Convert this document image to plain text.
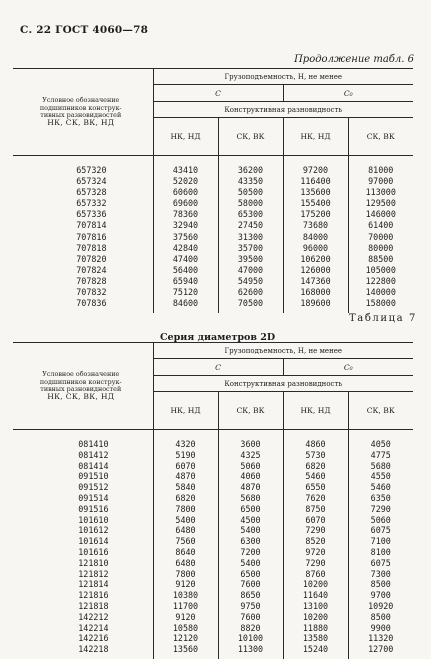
С. 22 ГОСТ 4060—78
Продолжение табл. 6
Условное обозначение
подшипников конструк-
тивных разновидностей
НК, СК, ВК, НД	Грузоподъемность, Н, не менее			
	С		С₀	
	Конструктивная разновидность			
	НК, НД	СК, ВК	НК, НД	СК, ВК
657320	43410	36200	97200	81000
657324	52020	43350	116400	97000
657328	60600	50500	135600	113000
657332	69600	58000	155400	129500
657336	78360	65300	175200	146000
707814	32940	27450	73680	61400
707816	37560	31300	84000	70000
707818	42840	35700	96000	80000
707820	47400	39500	106200	88500
707824	56400	47000	126000	105000
707828	65940	54950	147360	122800
707832	75120	62600	168000	140000
707836	84600	70500	189600	158000
Таблица 7
Серия диаметров 2D
Условное обозначение
подшипников конструк-
тивных разновидностей
НК, СК, ВК, НД	Грузоподъемность, Н, не менее			
	С		С₀	
	Конструктивная разновидность			
	НК, НД	СК, ВК	НК, НД	СК, ВК
081410	4320	3600	4860	4050
081412	5190	4325	5730	4775
081414	6070	5060	6820	5680
091510	4870	4060	5460	4550
091512	5840	4870	6550	5460
091514	6820	5680	7620	6350
091516	7800	6500	8750	7290
101610	5400	4500	6070	5060
101612	6480	5400	7290	6075
101614	7560	6300	8520	7100
101616	8640	7200	9720	8100
121810	6480	5400	7290	6075
121812	7800	6500	8760	7300
121814	9120	7600	10200	8500
121816	10380	8650	11640	9700
121818	11700	9750	13100	10920
142212	9120	7600	10200	8500
142214	10580	8820	11880	9900
142216	12120	10100	13580	11320
142218	13560	11300	15240	12700
